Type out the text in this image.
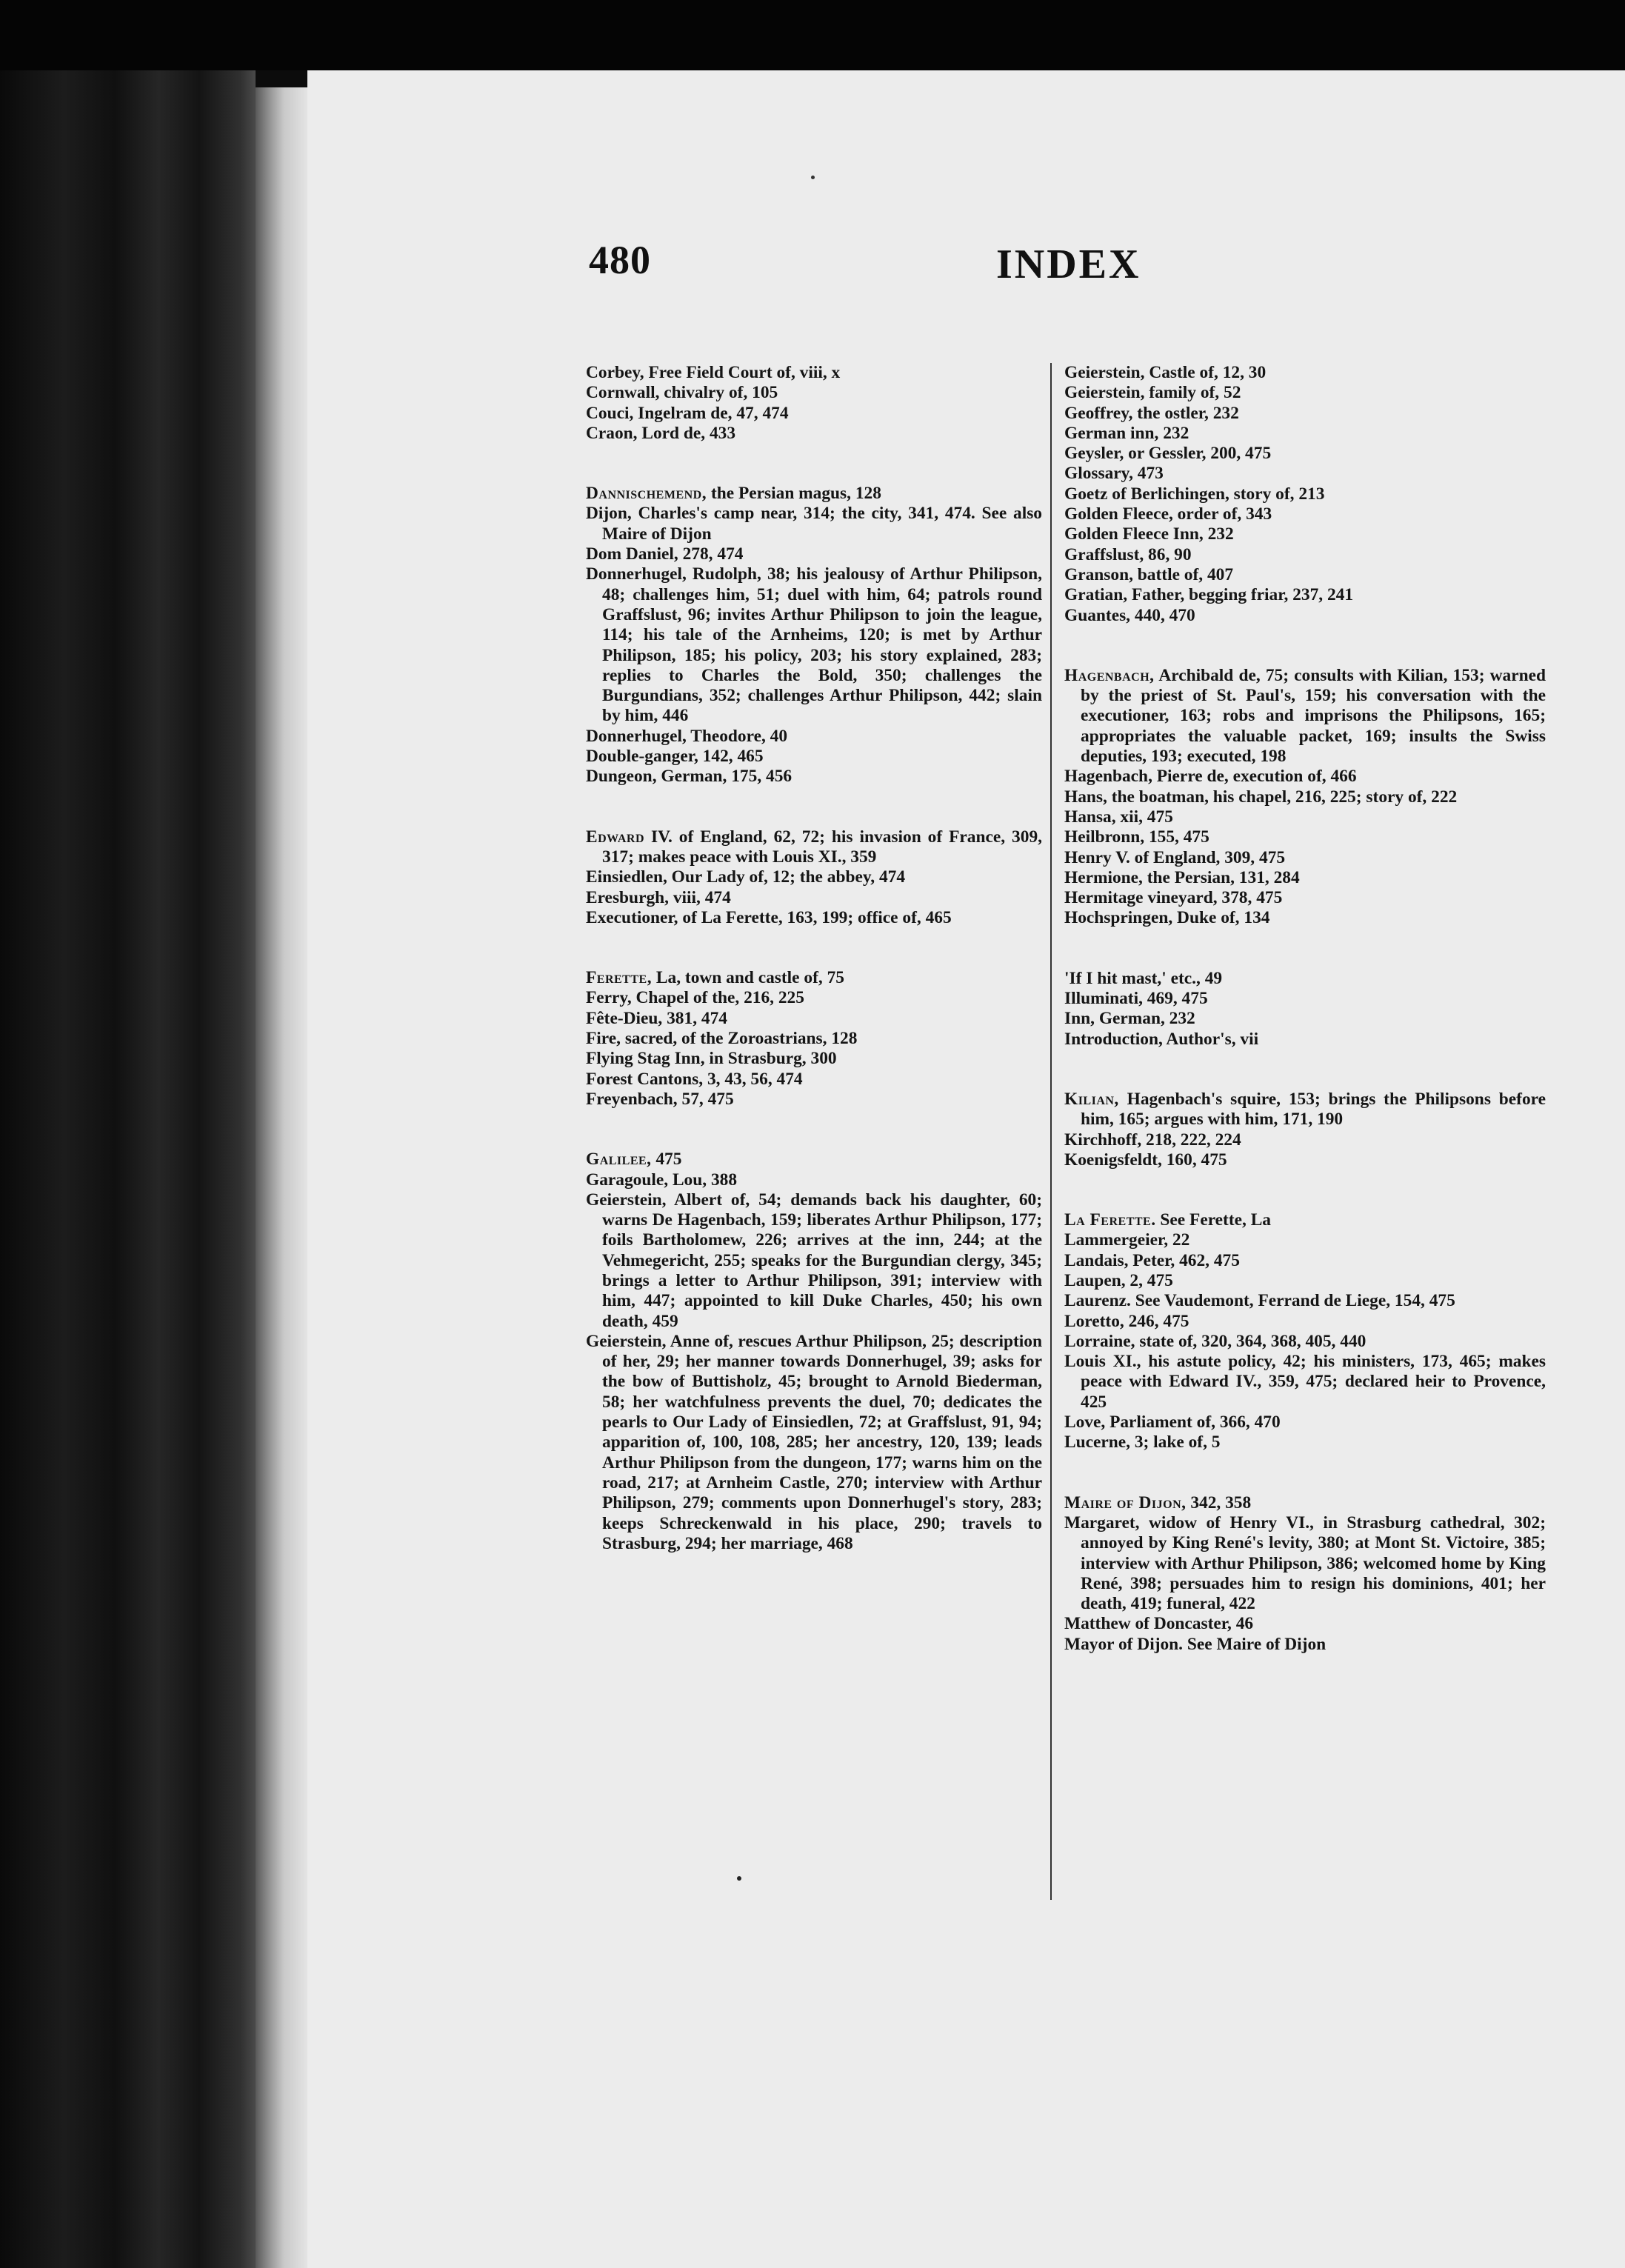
480	INDEX

Corbey, Free Field Court of, viii, x

Cornwall, chivalry of, 105

Couci, Ingelram de, 47, 474

Craon, Lord de, 433

Dannischemend, the Persian magus, 128

Dijon, Charles's camp near, 314; the city, 341, 474. See also Maire of Dijon

Dom Daniel, 278, 474

Donnerhugel, Rudolph, 38; his jealousy of Arthur Philipson, 48; challenges him, 51; duel with him, 64; patrols round Graffslust, 96; invites Arthur Philipson to join the league, 114; his tale of the Arnheims, 120; is met by Arthur Philipson, 185; his policy, 203; his story explained, 283; replies to Charles the Bold, 350; challenges the Burgundians, 352; challenges Arthur Philipson, 442; slain by him, 446

Donnerhugel, Theodore, 40

Double-ganger, 142, 465

Dungeon, German, 175, 456

Edward IV. of England, 62, 72; his invasion of France, 309, 317; makes peace with Louis XI., 359

Einsiedlen, Our Lady of, 12; the abbey, 474

Eresburgh, viii, 474

Executioner, of La Ferette, 163, 199; office of, 465

Ferette, La, town and castle of, 75

Ferry, Chapel of the, 216, 225

Fête-Dieu, 381, 474

Fire, sacred, of the Zoroastrians, 128

Flying Stag Inn, in Strasburg, 300

Forest Cantons, 3, 43, 56, 474

Freyenbach, 57, 475

Galilee, 475

Garagoule, Lou, 388

Geierstein, Albert of, 54; demands back his daughter, 60; warns De Hagenbach, 159; liberates Arthur Philipson, 177; foils Bartholomew, 226; arrives at the inn, 244; at the Vehmegericht, 255; speaks for the Burgundian clergy, 345; brings a letter to Arthur Philipson, 391; interview with him, 447; appointed to kill Duke Charles, 450; his own death, 459

Geierstein, Anne of, rescues Arthur Philipson, 25; description of her, 29; her manner towards Donnerhugel, 39; asks for the bow of Buttisholz, 45; brought to Arnold Biederman, 58; her watchfulness prevents the duel, 70; dedicates the pearls to Our Lady of Einsiedlen, 72; at Graffslust, 91, 94; apparition of, 100, 108, 285; her ancestry, 120, 139; leads Arthur Philipson from the dungeon, 177; warns him on the road, 217; at Arnheim Castle, 270; interview with Arthur Philipson, 279; comments upon Donnerhugel's story, 283; keeps Schreckenwald in his place, 290; travels to Strasburg, 294; her marriage, 468

Geierstein, Castle of, 12, 30

Geierstein, family of, 52

Geoffrey, the ostler, 232

German inn, 232

Geysler, or Gessler, 200, 475

Glossary, 473

Goetz of Berlichingen, story of, 213

Golden Fleece, order of, 343

Golden Fleece Inn, 232

Graffslust, 86, 90

Granson, battle of, 407

Gratian, Father, begging friar, 237, 241

Guantes, 440, 470

Hagenbach, Archibald de, 75; consults with Kilian, 153; warned by the priest of St. Paul's, 159; his conversation with the executioner, 163; robs and imprisons the Philipsons, 165; appropriates the valuable packet, 169; insults the Swiss deputies, 193; executed, 198

Hagenbach, Pierre de, execution of, 466

Hans, the boatman, his chapel, 216, 225; story of, 222

Hansa, xii, 475

Heilbronn, 155, 475

Henry V. of England, 309, 475

Hermione, the Persian, 131, 284

Hermitage vineyard, 378, 475

Hochspringen, Duke of, 134

'If I hit mast,' etc., 49

Illuminati, 469, 475

Inn, German, 232

Introduction, Author's, vii

Kilian, Hagenbach's squire, 153; brings the Philipsons before him, 165; argues with him, 171, 190

Kirchhoff, 218, 222, 224

Koenigsfeldt, 160, 475

La Ferette. See Ferette, La

Lammergeier, 22

Landais, Peter, 462, 475

Laupen, 2, 475

Laurenz. See Vaudemont, Ferrand de Liege, 154, 475

Loretto, 246, 475

Lorraine, state of, 320, 364, 368, 405, 440

Louis XI., his astute policy, 42; his ministers, 173, 465; makes peace with Edward IV., 359, 475; declared heir to Provence, 425

Love, Parliament of, 366, 470

Lucerne, 3; lake of, 5

Maire of Dijon, 342, 358

Margaret, widow of Henry VI., in Strasburg cathedral, 302; annoyed by King René's levity, 380; at Mont St. Victoire, 385; interview with Arthur Philipson, 386; welcomed home by King René, 398; persuades him to resign his dominions, 401; her death, 419; funeral, 422

Matthew of Doncaster, 46

Mayor of Dijon. See Maire of Dijon
